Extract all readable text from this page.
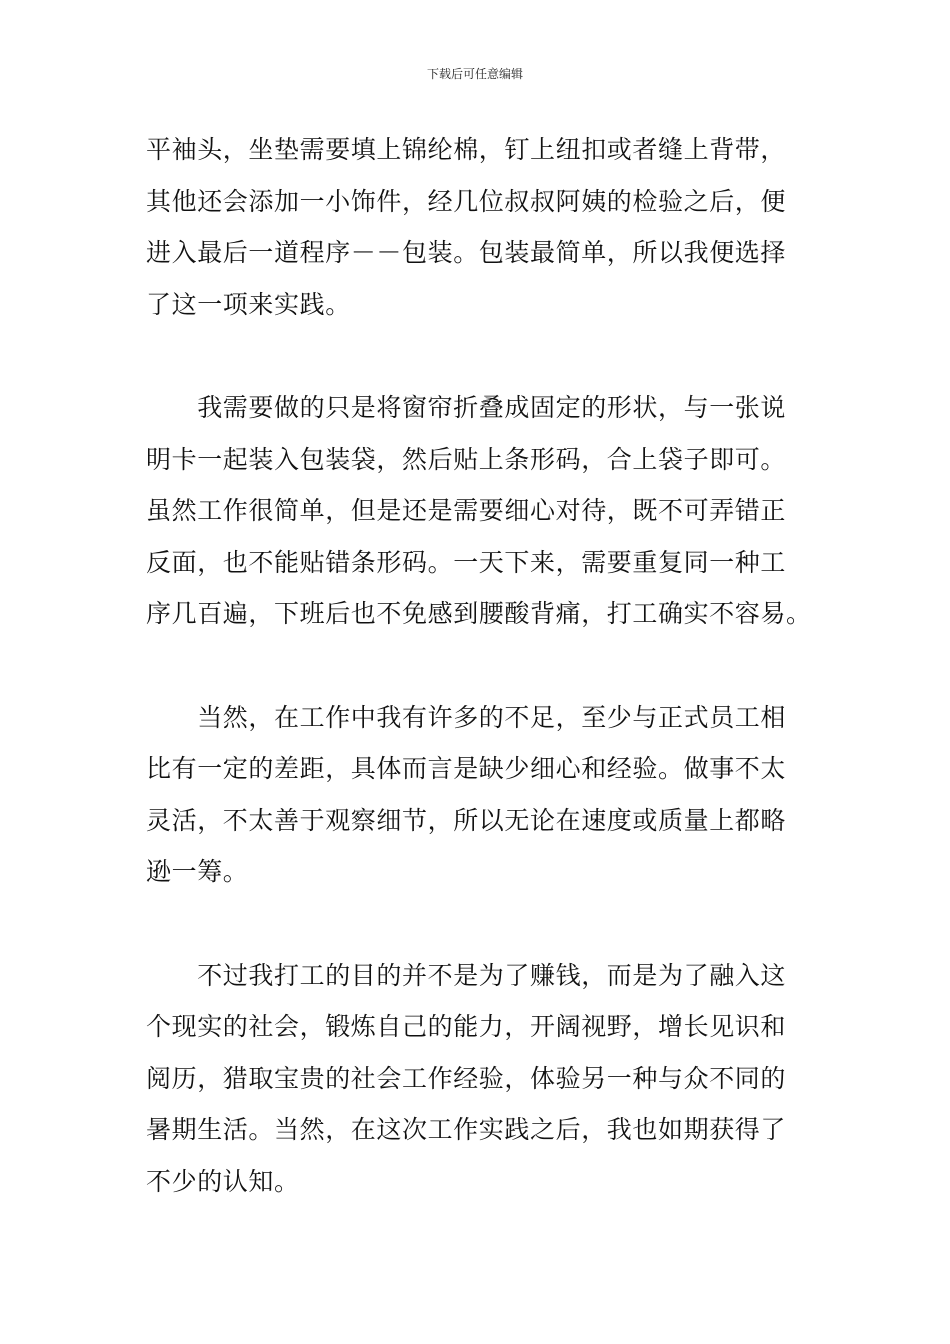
下载后可任意编辑
平袖头，坐垫需要填上锦纶棉，钉上纽扣或者缝上背带，
其他还会添加一小饰件，经几位叔叔阿姨的检验之后，便
进入最后一道程序－－包装。包装最简单，所以我便选择
了这一项来实践。
　　我需要做的只是将窗帘折叠成固定的形状，与一张说
明卡一起装入包装袋，然后贴上条形码，合上袋子即可。
虽然工作很简单，但是还是需要细心对待，既不可弄错正
反面，也不能贴错条形码。一天下来，需要重复同一种工
序几百遍，下班后也不免感到腰酸背痛，打工确实不容易。
　　当然，在工作中我有许多的不足，至少与正式员工相
比有一定的差距，具体而言是缺少细心和经验。做事不太
灵活，不太善于观察细节，所以无论在速度或质量上都略
逊一筹。
　　不过我打工的目的并不是为了赚钱，而是为了融入这
个现实的社会，锻炼自己的能力，开阔视野，增长见识和
阅历，猎取宝贵的社会工作经验，体验另一种与众不同的
暑期生活。当然，在这次工作实践之后，我也如期获得了
不少的认知。
